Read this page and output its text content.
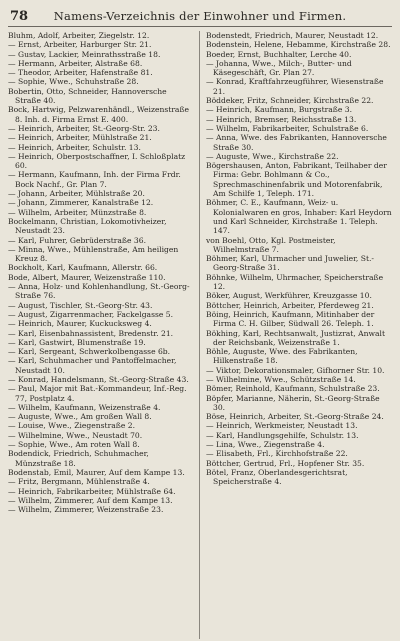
78	Namens-Verzeichnis der Einwohner und Firmen.
Bluhm, Adolf, Arbeiter, Ziegelstr. 12.
— Ernst, Arbeiter, Harburger Str. 21.
— Gustav, Lackier, Meinrathsstraße 18.
— Hermann, Arbeiter, Alstraße 68.
— Theodor, Arbeiter, Hafenstraße 81.
— Sophie, Wwe., Schuhstraße 28.
Bobertin, Otto, Schneider, Hannoversche Straße 40.
Bock, Hartwig, Pelzwarenhändl., Weizenstraße 8. Inh. d. Firma Ernst E. 400.
— Heinrich, Arbeiter, St.-Georg-Str. 23.
— Heinrich, Arbeiter, Mühlstraße 21.
— Heinrich, Arbeiter, Schulstr. 13.
— Heinrich, Oberpostschaffner, I. Schloßplatz 60.
— Hermann, Kaufmann, Inh. der Firma Frdr. Bock Nachf., Gr. Plan 7.
— Johann, Arbeiter, Mühlstraße 20.
— Johann, Zimmerer, Kanalstraße 12.
— Wilhelm, Arbeiter, Münzstraße 8.
Bockelmann, Christian, Lokomotivheizer, Neustadt 23.
— Karl, Fuhrer, Gebrüderstraße 36.
— Minna, Wwe., Mühlenstraße, Am heiligen Kreuz 8.
Bockholt, Karl, Kaufmann, Allerstr. 66.
Bode, Albert, Maurer, Weizenstraße 110.
— Anna, Holz- und Kohlenhandlung, St.-Georg-Straße 76.
— August, Tischler, St.-Georg-Str. 43.
— August, Zigarrenmacher, Fackelgasse 5.
— Heinrich, Maurer, Kuckucksweg 4.
— Karl, Eisenbahnassistent, Bredenstr. 21.
— Karl, Gastwirt, Blumenstraße 19.
— Karl, Sergeant, Schwerkolbengasse 6b.
— Karl, Schuhmacher und Pantoffelmacher, Neustadt 10.
— Konrad, Handelsmann, St.-Georg-Straße 43.
— Paul, Major mit Bat.-Kommandeur, Inf.-Reg. 77, Postplatz 4.
— Wilhelm, Kaufmann, Weizenstraße 4.
— Auguste, Wwe., Am großen Wall 8.
— Louise, Wwe., Ziegenstraße 2.
— Wilhelmine, Wwe., Neustadt 70.
— Sophie, Wwe., Am roten Wall 8.
Bodendick, Friedrich, Schuhmacher, Münzstraße 18.
Bodenstab, Emil, Maurer, Auf dem Kampe 13.
— Fritz, Bergmann, Mühlenstraße 4.
— Heinrich, Fabrikarbeiter, Mühlstraße 64.
— Wilhelm, Zimmerer, Auf dem Kampe 13.
— Wilhelm, Zimmerer, Weizenstraße 23.
Bodenstedt, Friedrich, Maurer, Neustadt 12.
Bodenstein, Helene, Hebamme, Kirchstraße 28.
Boeder, Ernst, Buchhalter, Lerche 40.
— Johanna, Wwe., Milch-, Butter- und Käsegeschäft, Gr. Plan 27.
— Konrad, Kraftfahrzeugführer, Wiesenstraße 21.
Böddeker, Fritz, Schneider, Kirchstraße 22.
— Heinrich, Kaufmann, Burgstraße 3.
— Heinrich, Bremser, Reichsstraße 13.
— Wilhelm, Fabrikarbeiter, Schulstraße 6.
— Anna, Wwe. des Fabrikanten, Hannoversche Straße 30.
— Auguste, Wwe., Kirchstraße 22.
Bögershausen, Anton, Fabrikant, Teilhaber der Firma: Gebr. Bohlmann & Co., Sprechmaschinenfabrik und Motorenfabrik, Am Schilfe 1, Teleph. 171.
Böhmer, C. E., Kaufmann, Weiz- u. Kolonialwaren en gros, Inhaber: Karl Heydorn und Karl Schneider, Kirchstraße 1. Teleph. 147.
von Boehl, Otto, Kgl. Postmeister, Wilhelmstraße 7.
Böhmer, Karl, Uhrmacher und Juwelier, St.-Georg-Straße 31.
Böhnke, Wilhelm, Uhrmacher, Speicherstraße 12.
Böker, August, Werkführer, Kreuzgasse 10.
Böttcher, Heinrich, Arbeiter, Pferdeweg 21.
Böing, Heinrich, Kaufmann, Mitinhaber der Firma C. H. Gilber, Südwall 26. Teleph. 1.
Bökhing, Karl, Rechtsanwalt, Justizrat, Anwalt der Reichsbank, Weizenstraße 1.
Böhle, Auguste, Wwe. des Fabrikanten, Hilkenstraße 18.
— Viktor, Dekorationsmaler, Gifhorner Str. 10.
— Wilhelmine, Wwe., Schützstraße 14.
Bömer, Reinhold, Kaufmann, Schulstraße 23.
Böpfer, Marianne, Näherin, St.-Georg-Straße 30.
Böse, Heinrich, Arbeiter, St.-Georg-Straße 24.
— Heinrich, Werkmeister, Neustadt 13.
— Karl, Handlungsgehilfe, Schulstr. 13.
— Lina, Wwe., Ziegenstraße 4.
— Elisabeth, Frl., Kirchhofstraße 22.
Böttcher, Gertrud, Frl., Hopfener Str. 35.
Bötel, Franz, Oberlandesgerichtsrat, Speicherstraße 4.
